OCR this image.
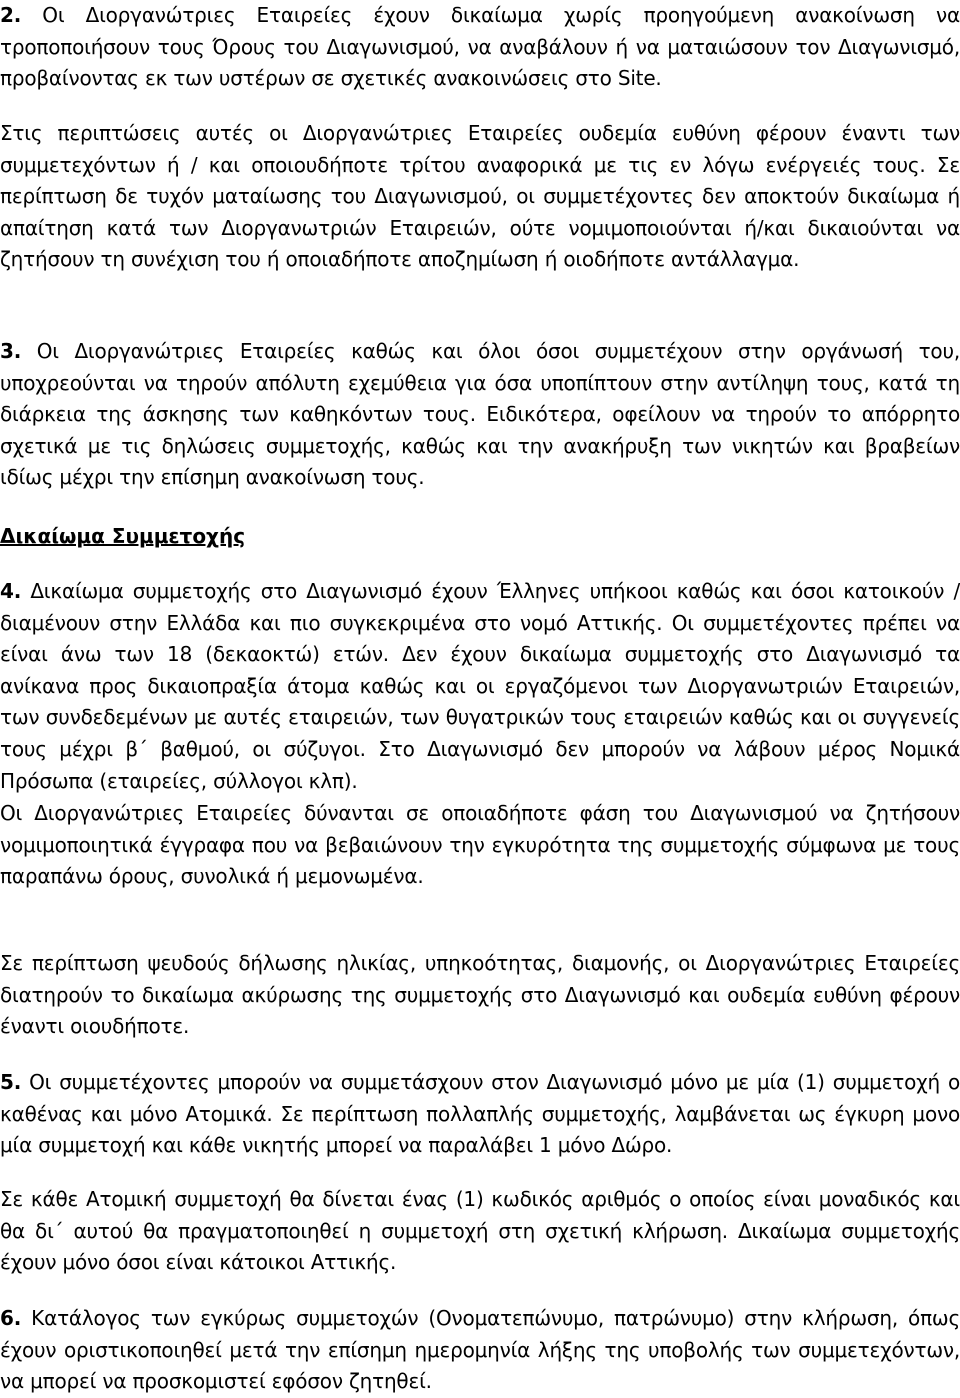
2. Οι Διοργανώτριες Εταιρείες έχουν δικαίωμα χωρίς προηγούμενη ανακοίνωση να τροποποιήσουν τους Όρους του Διαγωνισμού, να αναβάλουν ή να ματαιώσουν τον Διαγωνισμό, προβαίνοντας εκ των υστέρων σε σχετικές ανακοινώσεις στο Site.

Στις περιπτώσεις αυτές οι Διοργανώτριες Εταιρείες ουδεμία ευθύνη φέρουν έναντι των συμμετεχόντων ή / και οποιουδήποτε τρίτου αναφορικά με τις εν λόγω ενέργειές τους. Σε περίπτωση δε τυχόν ματαίωσης του Διαγωνισμού, οι συμμετέχοντες δεν αποκτούν δικαίωμα ή απαίτηση κατά των Διοργανωτριών Εταιρειών, ούτε νομιμοποιούνται ή/και δικαιούνται να ζητήσουν τη συνέχιση του ή οποιαδήποτε αποζημίωση ή οιοδήποτε αντάλλαγμα.

3. Οι Διοργανώτριες Εταιρείες καθώς και όλοι όσοι συμμετέχουν στην οργάνωσή του, υποχρεούνται να τηρούν απόλυτη εχεμύθεια για όσα υποπίπτουν στην αντίληψη τους, κατά τη διάρκεια της άσκησης των καθηκόντων τους. Ειδικότερα, οφείλουν να τηρούν το απόρρητο σχετικά με τις δηλώσεις συμμετοχής, καθώς και την ανακήρυξη των νικητών και βραβείων ιδίως μέχρι την επίσημη ανακοίνωση τους.

Δικαίωμα Συμμετοχής

4. Δικαίωμα συμμετοχής στο Διαγωνισμό έχουν Έλληνες υπήκοοι καθώς και όσοι κατοικούν / διαμένουν στην Ελλάδα και πιο συγκεκριμένα στο νομό Αττικής. Οι συμμετέχοντες πρέπει να είναι άνω των 18 (δεκαοκτώ) ετών. Δεν έχουν δικαίωμα συμμετοχής στο Διαγωνισμό τα ανίκανα προς δικαιοπραξία άτομα καθώς και οι εργαζόμενοι των Διοργανωτριών Εταιρειών, των συνδεδεμένων με αυτές εταιρειών, των θυγατρικών τους εταιρειών καθώς και οι συγγενείς τους μέχρι β΄ βαθμού, οι σύζυγοι. Στο Διαγωνισμό δεν μπορούν να λάβουν μέρος Νομικά Πρόσωπα (εταιρείες, σύλλογοι κλπ).

Οι Διοργανώτριες Εταιρείες δύνανται σε οποιαδήποτε φάση του Διαγωνισμού να ζητήσουν νομιμοποιητικά έγγραφα που να βεβαιώνουν την εγκυρότητα της συμμετοχής σύμφωνα με τους παραπάνω όρους, συνολικά ή μεμονωμένα.

Σε περίπτωση ψευδούς δήλωσης ηλικίας, υπηκοότητας, διαμονής, οι Διοργανώτριες Εταιρείες διατηρούν το δικαίωμα ακύρωσης της συμμετοχής στο Διαγωνισμό και ουδεμία ευθύνη φέρουν έναντι οιουδήποτε.

5. Οι συμμετέχοντες μπορούν να συμμετάσχουν στον Διαγωνισμό μόνο με μία (1) συμμετοχή ο καθένας και μόνο Ατομικά. Σε περίπτωση πολλαπλής συμμετοχής, λαμβάνεται ως έγκυρη μονο μία συμμετοχή και κάθε νικητής μπορεί να παραλάβει 1 μόνο Δώρο.

Σε κάθε Ατομική συμμετοχή θα δίνεται ένας (1) κωδικός αριθμός ο οποίος είναι μοναδικός και θα δι΄ αυτού θα πραγματοποιηθεί η συμμετοχή στη σχετική κλήρωση. Δικαίωμα συμμετοχής έχουν μόνο όσοι είναι κάτοικοι Αττικής.

6. Κατάλογος των εγκύρως συμμετοχών (Ονοματεπώνυμο, πατρώνυμο) στην κλήρωση, όπως έχουν οριστικοποιηθεί μετά την επίσημη ημερομηνία λήξης της υποβολής των συμμετεχόντων, να μπορεί να προσκομιστεί εφόσον ζητηθεί.
